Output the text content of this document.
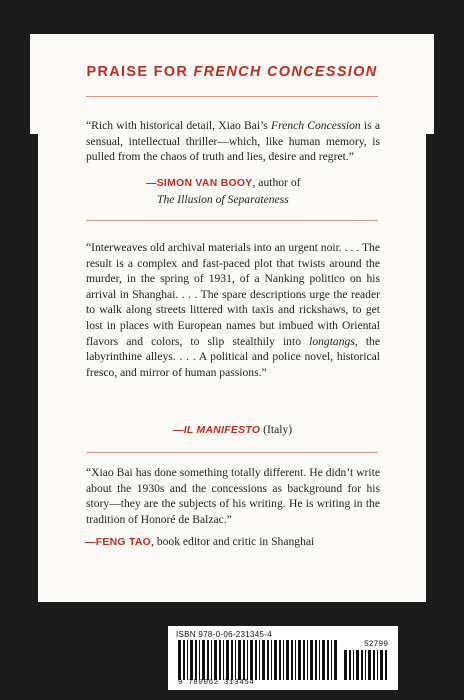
PRAISE FOR FRENCH CONCESSION
“Rich with historical detail, Xiao Bai’s French Concession is a sensual, intellectual thriller—which, like human memory, is pulled from the chaos of truth and lies, desire and regret.”
—SIMON VAN BOOY, author of
The Illusion of Separateness
“Interweaves old archival materials into an urgent noir. . . . The result is a complex and fast-paced plot that twists around the murder, in the spring of 1931, of a Nanking politico on his arrival in Shanghai. . . . The spare descriptions urge the reader to walk along streets littered with taxis and rickshaws, to get lost in places with European names but imbued with Oriental flavors and colors, to slip stealthily into longtangs, the labyrinthine alleys. . . . A political and police novel, historical fresco, and mirror of human passions.”
—IL MANIFESTO (Italy)
“Xiao Bai has done something totally different. He didn’t write about the 1930s and the concessions as background for his story—they are the subjects of his writing. He is writing in the tradition of Honoré de Balzac.”
—FENG TAO, book editor and critic in Shanghai
ISBN 978-0-06-231345-4
52799
9 780062 313454
